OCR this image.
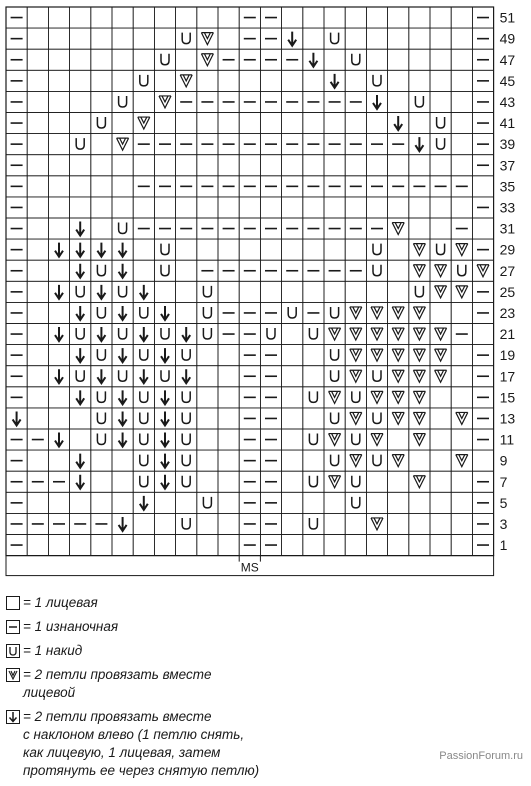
51
49
47
45
43
41
39
37
35
33
31
29
27
25
23
21
19
17
15
13
11
9
7
5
3
1
MS
= 1 лицевая
= 1 изнаночная
= 1 накид
= 2 петли провязать вместе
лицевой
= 2 петли провязать вместе
с наклоном влево (1 петлю снять,
как лицевую, 1 лицевая, затем
протянуть ее через снятую петлю)
PassionForum.ru
